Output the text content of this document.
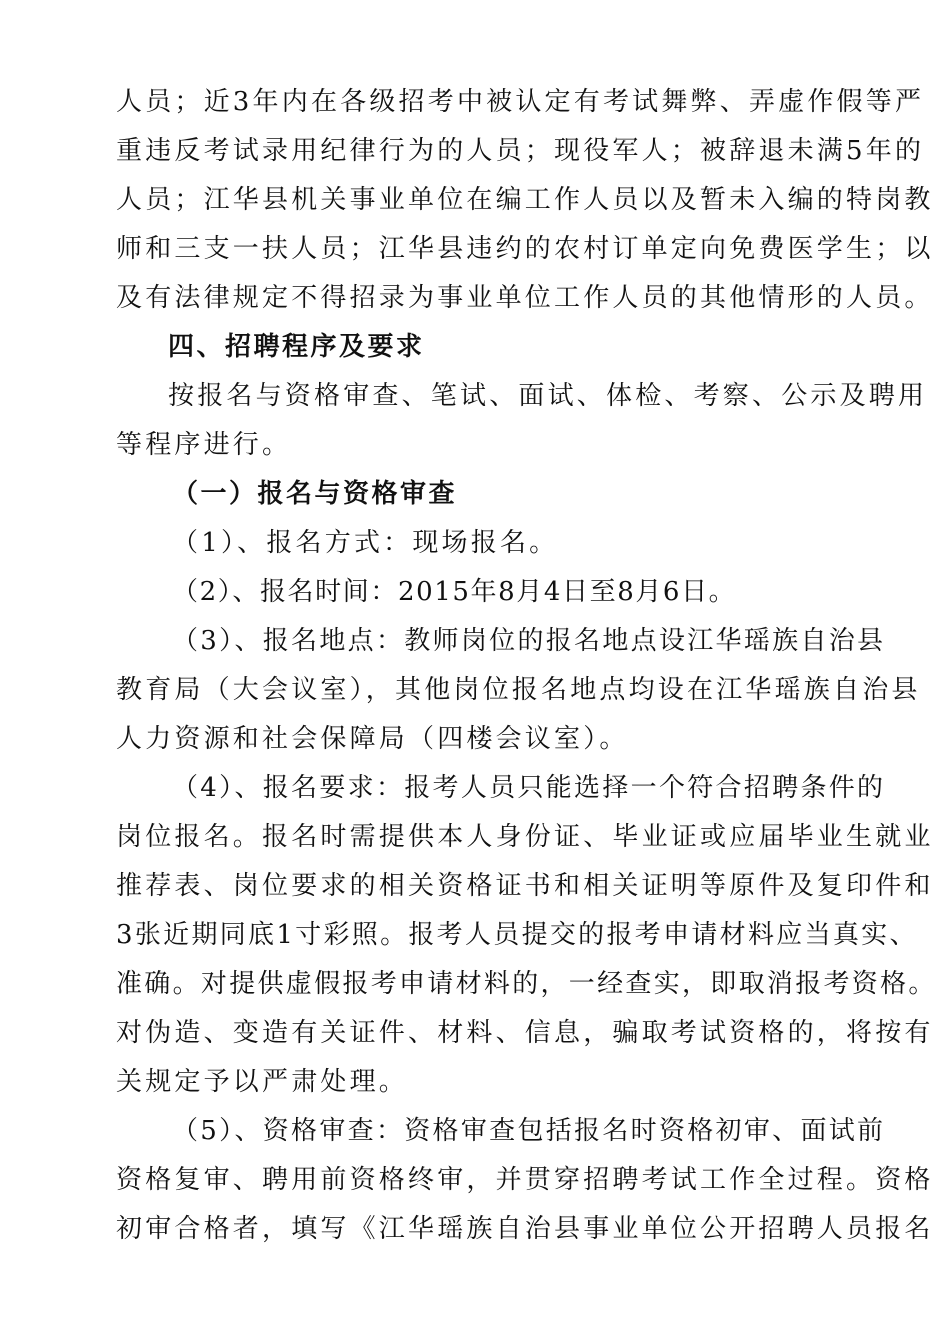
人员；近3年内在各级招考中被认定有考试舞弊、弄虚作假等严
重违反考试录用纪律行为的人员；现役军人；被辞退未满5年的
人员；江华县机关事业单位在编工作人员以及暂未入编的特岗教
师和三支一扶人员；江华县违约的农村订单定向免费医学生；以
及有法律规定不得招录为事业单位工作人员的其他情形的人员。
四、招聘程序及要求
按报名与资格审查、笔试、面试、体检、考察、公示及聘用
等程序进行。
（一）报名与资格审查
（1）、报名方式：现场报名。
（2）、报名时间：2015年8月4日至8月6日。
（3）、报名地点：教师岗位的报名地点设江华瑶族自治县
教育局（大会议室），其他岗位报名地点均设在江华瑶族自治县
人力资源和社会保障局（四楼会议室）。
（4）、报名要求：报考人员只能选择一个符合招聘条件的
岗位报名。报名时需提供本人身份证、毕业证或应届毕业生就业
推荐表、岗位要求的相关资格证书和相关证明等原件及复印件和
3张近期同底1寸彩照。报考人员提交的报考申请材料应当真实、
准确。对提供虚假报考申请材料的，一经查实，即取消报考资格。
对伪造、变造有关证件、材料、信息，骗取考试资格的，将按有
关规定予以严肃处理。
（5）、资格审查：资格审查包括报名时资格初审、面试前
资格复审、聘用前资格终审，并贯穿招聘考试工作全过程。资格
初审合格者，填写《江华瑶族自治县事业单位公开招聘人员报名
